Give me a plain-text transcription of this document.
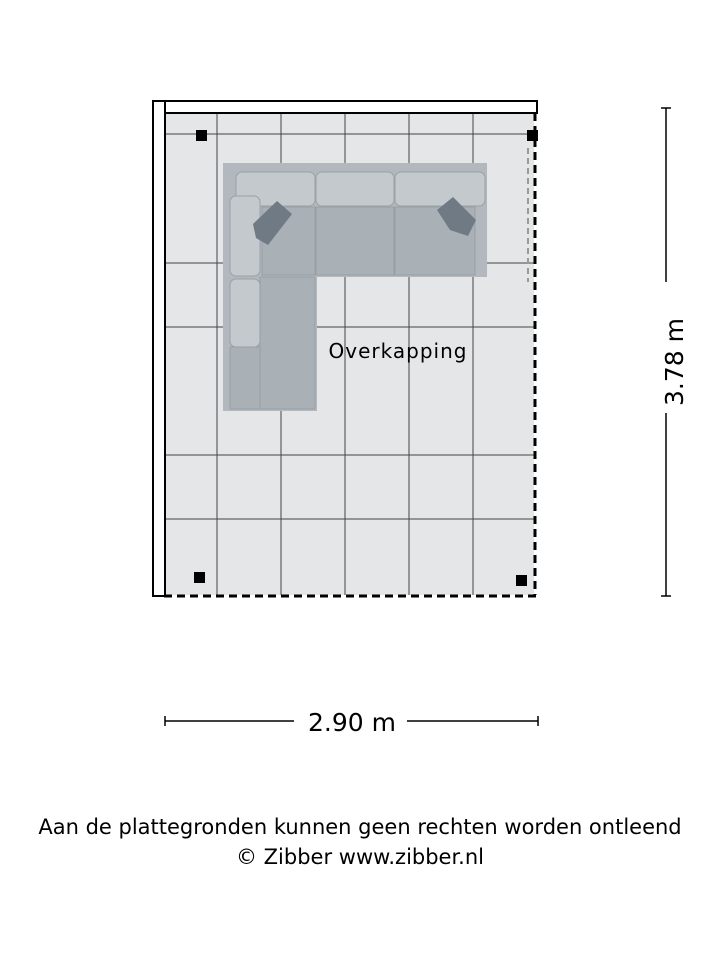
Overkapping	3.78 m
2.90 m
Aan de plattegronden kunnen geen rechten worden ontleend
© Zibber www.zibber.nl
